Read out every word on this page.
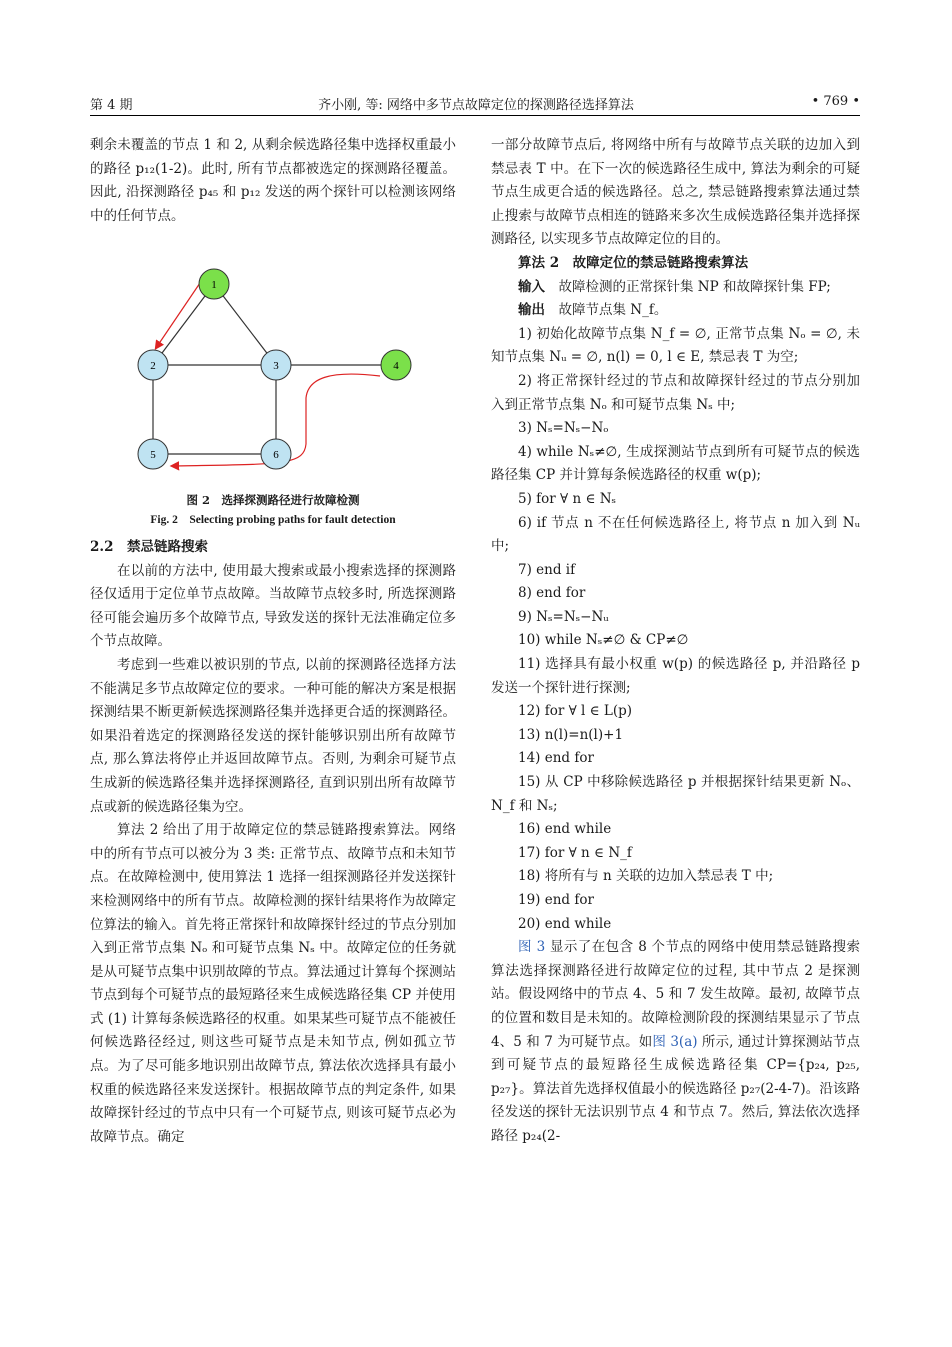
第 4 期	齐小刚, 等: 网络中多节点故障定位的探测路径选择算法	• 769 •

剩余未覆盖的节点 1 和 2, 从剩余候选路径集中选择权重最小的路径 p₁₂(1-2)。此时, 所有节点都被选定的探测路径覆盖。因此, 沿探测路径 p₄₅ 和 p₁₂ 发送的两个探针可以检测该网络中的任何节点。

1
2	3	4
5	6
图 2　选择探测路径进行故障检测
Fig. 2　Selecting probing paths for fault detection

2.2　禁忌链路搜索

在以前的方法中, 使用最大搜索或最小搜索选择的探测路径仅适用于定位单节点故障。当故障节点较多时, 所选探测路径可能会遍历多个故障节点, 导致发送的探针无法准确定位多个节点故障。

考虑到一些难以被识别的节点, 以前的探测路径选择方法不能满足多节点故障定位的要求。一种可能的解决方案是根据探测结果不断更新候选探测路径集并选择更合适的探测路径。如果沿着选定的探测路径发送的探针能够识别出所有故障节点, 那么算法将停止并返回故障节点。否则, 为剩余可疑节点生成新的候选路径集并选择探测路径, 直到识别出所有故障节点或新的候选路径集为空。

算法 2 给出了用于故障定位的禁忌链路搜索算法。网络中的所有节点可以被分为 3 类: 正常节点、故障节点和未知节点。在故障检测中, 使用算法 1 选择一组探测路径并发送探针来检测网络中的所有节点。故障检测的探针结果将作为故障定位算法的输入。首先将正常探针和故障探针经过的节点分别加入到正常节点集 Nₒ 和可疑节点集 Nₛ 中。故障定位的任务就是从可疑节点集中识别故障的节点。算法通过计算每个探测站节点到每个可疑节点的最短路径来生成候选路径集 CP 并使用式 (1) 计算每条候选路径的权重。如果某些可疑节点不能被任何候选路径经过, 则这些可疑节点是未知节点, 例如孤立节点。为了尽可能多地识别出故障节点, 算法依次选择具有最小权重的候选路径来发送探针。根据故障节点的判定条件, 如果故障探针经过的节点中只有一个可疑节点, 则该可疑节点必为故障节点。确定

一部分故障节点后, 将网络中所有与故障节点关联的边加入到禁忌表 T 中。在下一次的候选路径生成中, 算法为剩余的可疑节点生成更合适的候选路径。总之, 禁忌链路搜索算法通过禁止搜索与故障节点相连的链路来多次生成候选路径集并选择探测路径, 以实现多节点故障定位的目的。

算法 2　故障定位的禁忌链路搜索算法

输入　故障检测的正常探针集 NP 和故障探针集 FP;

输出　故障节点集 N_f。

1) 初始化故障节点集 N_f = ∅, 正常节点集 Nₒ = ∅, 未知节点集 Nᵤ = ∅, n(l) = 0, l ∈ E, 禁忌表 T 为空;

2) 将正常探针经过的节点和故障探针经过的节点分别加入到正常节点集 Nₒ 和可疑节点集 Nₛ 中;

3) Nₛ=Nₛ−Nₒ

4) while Nₛ≠∅, 生成探测站节点到所有可疑节点的候选路径集 CP 并计算每条候选路径的权重 w(p);

5) for ∀ n ∈ Nₛ

6) if 节点 n 不在任何候选路径上, 将节点 n 加入到 Nᵤ 中;

7) end if

8) end for

9) Nₛ=Nₛ−Nᵤ

10) while Nₛ≠∅ & CP≠∅

11) 选择具有最小权重 w(p) 的候选路径 p, 并沿路径 p 发送一个探针进行探测;

12) for ∀ l ∈ L(p)

13) n(l)=n(l)+1

14) end for

15) 从 CP 中移除候选路径 p 并根据探针结果更新 Nₒ、N_f 和 Nₛ;

16) end while

17) for ∀ n ∈ N_f

18) 将所有与 n 关联的边加入禁忌表 T 中;

19) end for

20) end while

图 3 显示了在包含 8 个节点的网络中使用禁忌链路搜索算法选择探测路径进行故障定位的过程, 其中节点 2 是探测站。假设网络中的节点 4、5 和 7 发生故障。最初, 故障节点的位置和数目是未知的。故障检测阶段的探测结果显示了节点 4、5 和 7 为可疑节点。如图 3(a) 所示, 通过计算探测站节点到可疑节点的最短路径生成候选路径集 CP={p₂₄, p₂₅, p₂₇}。算法首先选择权值最小的候选路径 p₂₇(2-4-7)。沿该路径发送的探针无法识别节点 4 和节点 7。然后, 算法依次选择路径 p₂₄(2-
